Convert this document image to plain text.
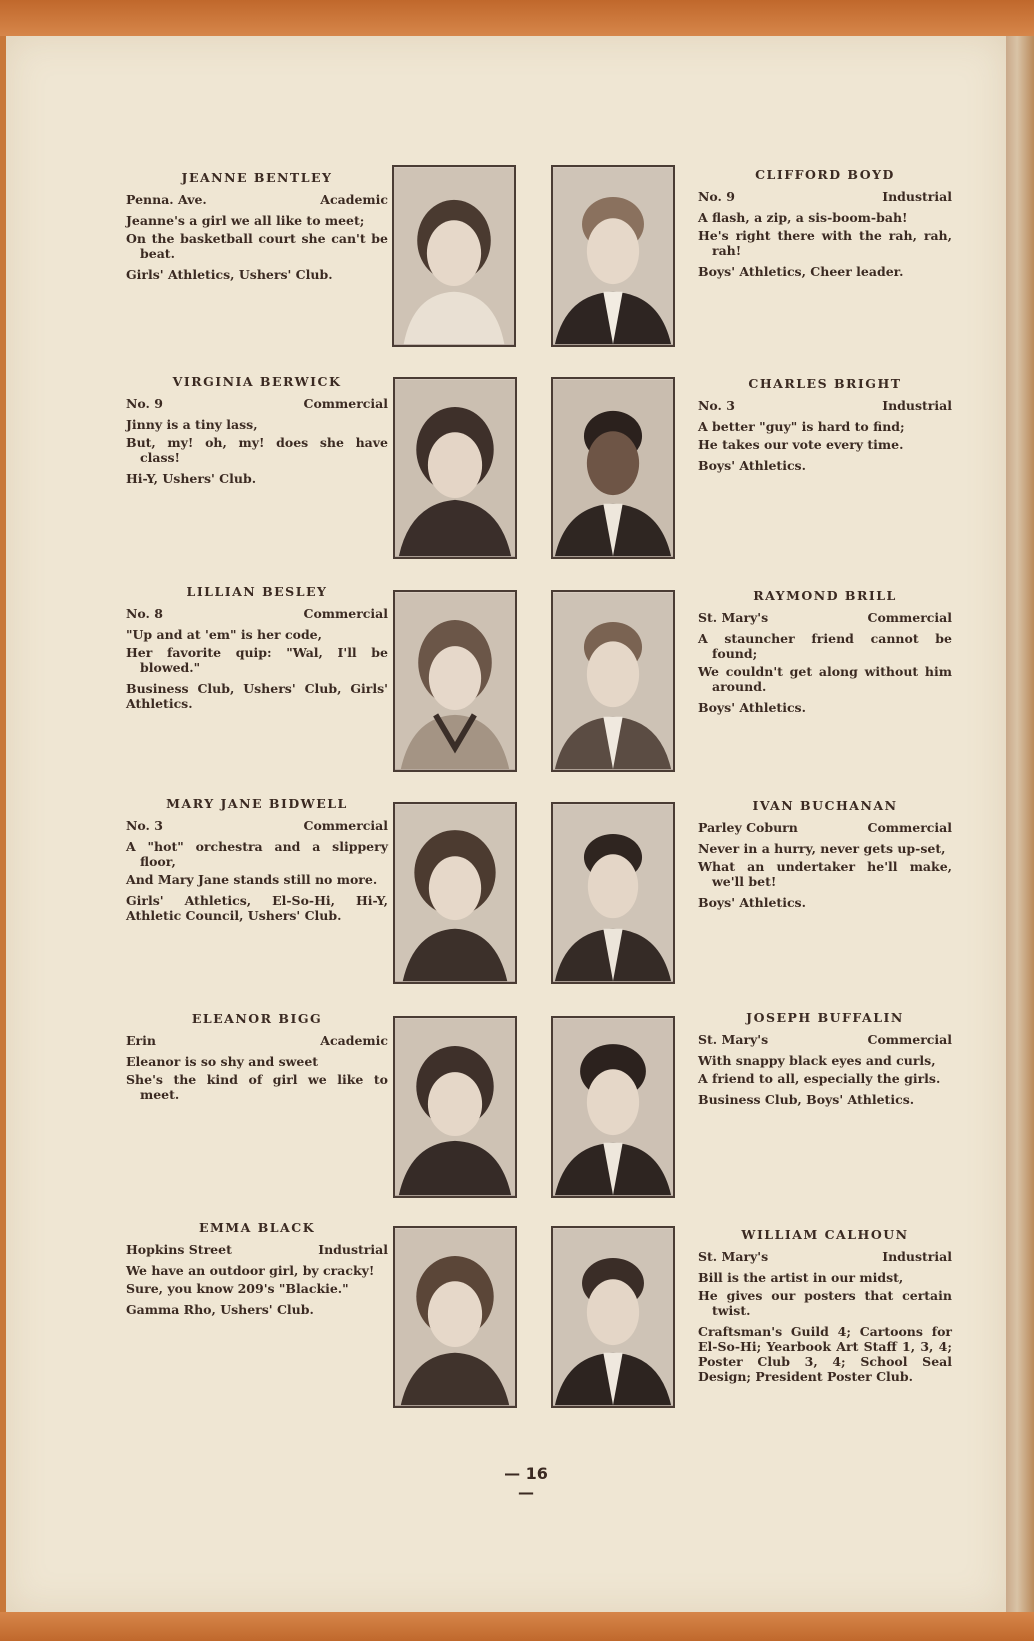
JEANNE BENTLEY
Penna. Ave.	Academic
Jeanne's a girl we all like to meet;
On the basketball court she can't be beat.
Girls' Athletics, Ushers' Club.
VIRGINIA BERWICK
No. 9	Commercial
Jinny is a tiny lass,
But, my! oh, my! does she have class!
Hi-Y, Ushers' Club.
LILLIAN BESLEY
No. 8	Commercial
"Up and at 'em" is her code,
Her favorite quip: "Wal, I'll be blowed."
Business Club, Ushers' Club, Girls' Athletics.
MARY JANE BIDWELL
No. 3	Commercial
A "hot" orchestra and a slippery floor,
And Mary Jane stands still no more.
Girls' Athletics, El-So-Hi, Hi-Y, Athletic Council, Ushers' Club.
ELEANOR BIGG
Erin	Academic
Eleanor is so shy and sweet
She's the kind of girl we like to meet.
EMMA BLACK
Hopkins Street	Industrial
We have an outdoor girl, by cracky!
Sure, you know 209's "Blackie."
Gamma Rho, Ushers' Club.
CLIFFORD BOYD
No. 9	Industrial
A flash, a zip, a sis-boom-bah!
He's right there with the rah, rah, rah!
Boys' Athletics, Cheer leader.
CHARLES BRIGHT
No. 3	Industrial
A better "guy" is hard to find;
He takes our vote every time.
Boys' Athletics.
RAYMOND BRILL
St. Mary's	Commercial
A stauncher friend cannot be found;
We couldn't get along without him around.
Boys' Athletics.
IVAN BUCHANAN
Parley Coburn	Commercial
Never in a hurry, never gets up-set,
What an undertaker he'll make, we'll bet!
Boys' Athletics.
JOSEPH BUFFALIN
St. Mary's	Commercial
With snappy black eyes and curls,
A friend to all, especially the girls.
Business Club, Boys' Athletics.
WILLIAM CALHOUN
St. Mary's	Industrial
Bill is the artist in our midst,
He gives our posters that certain twist.
Craftsman's Guild 4; Cartoons for El-So-Hi; Yearbook Art Staff 1, 3, 4; Poster Club 3, 4; School Seal Design; President Poster Club.
— 16 —
